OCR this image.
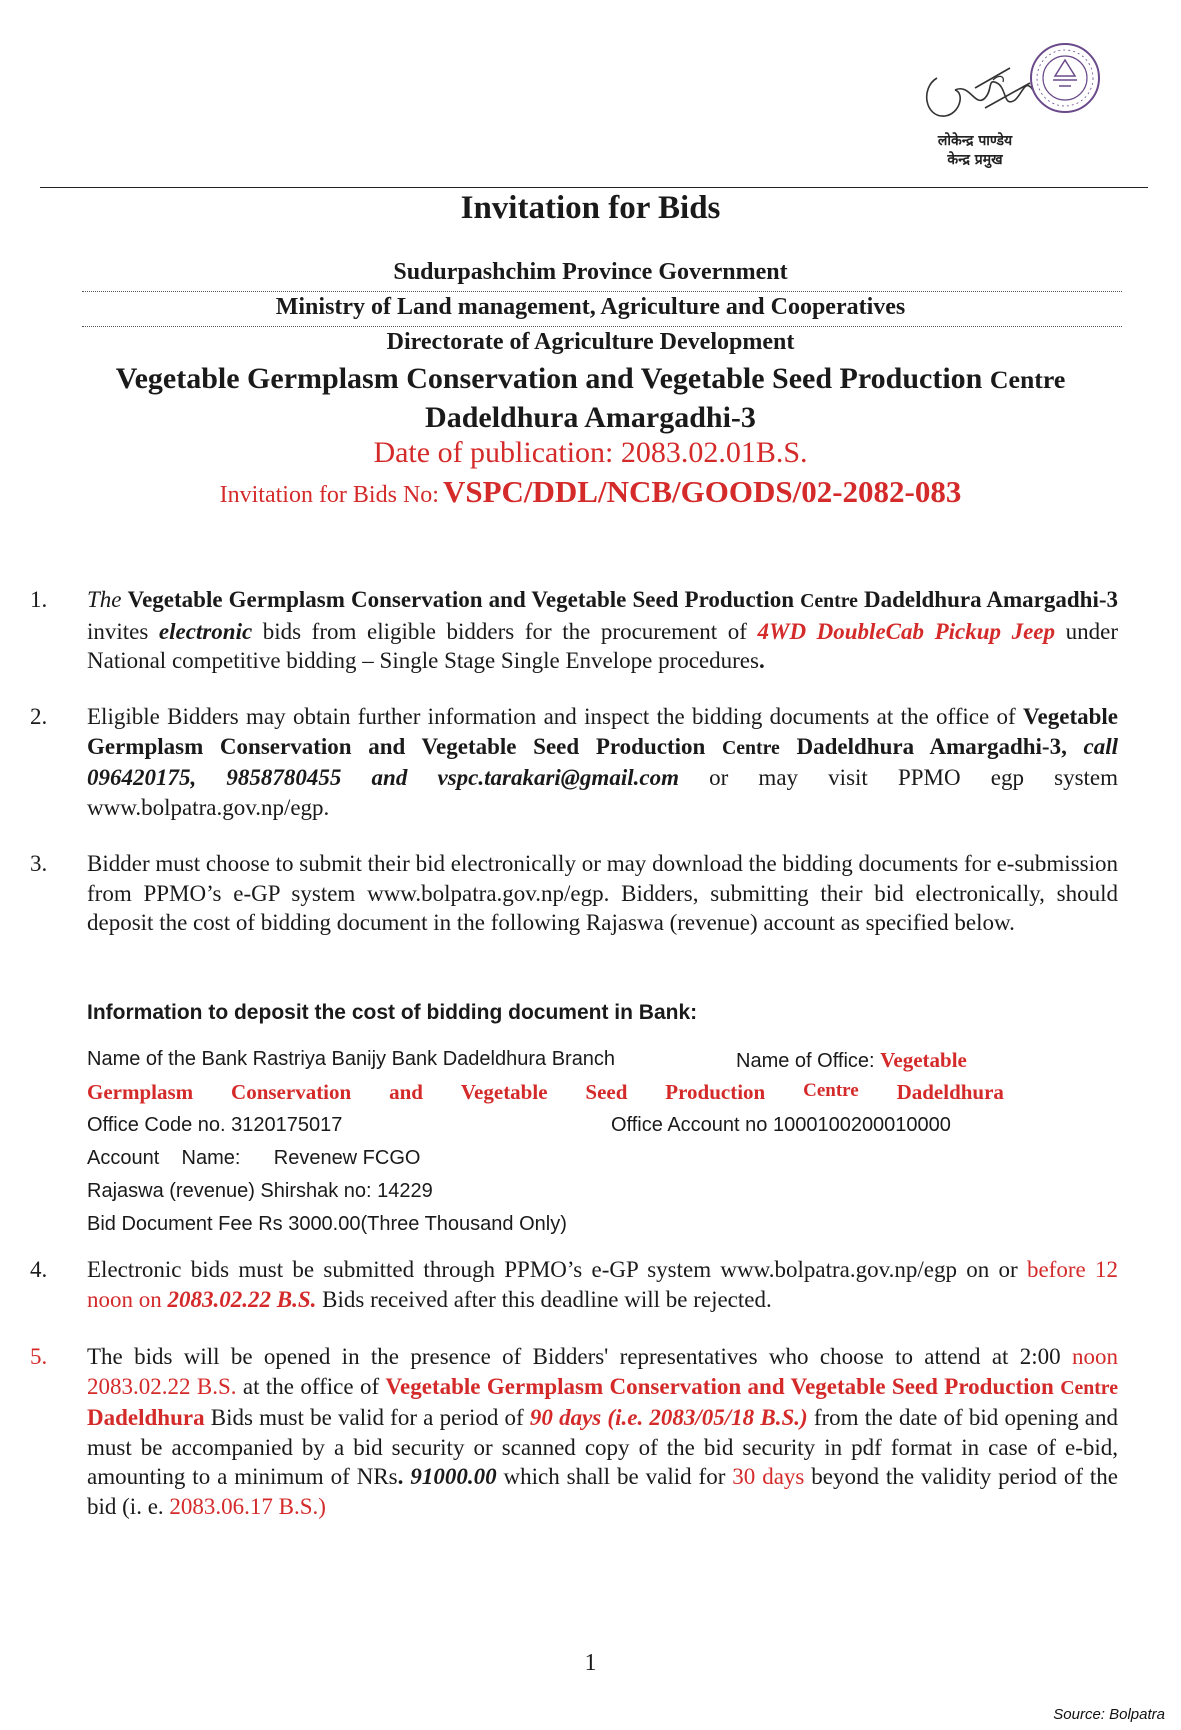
लोकेन्द्र पाण्डेय
केन्द्र प्रमुख
Invitation for Bids
Sudurpashchim Province Government
Ministry of Land management, Agriculture and Cooperatives
Directorate of Agriculture Development
Vegetable Germplasm Conservation and Vegetable Seed Production Centre
Dadeldhura Amargadhi-3
Date of publication: 2083.02.01B.S.
Invitation for Bids No: VSPC/DDL/NCB/GOODS/02-2082-083
1.	The Vegetable Germplasm Conservation and Vegetable Seed Production Centre Dadeldhura Amargadhi-3 invites electronic bids from eligible bidders for the procurement of 4WD DoubleCab Pickup Jeep under National competitive bidding – Single Stage Single Envelope procedures.
2.	Eligible Bidders may obtain further information and inspect the bidding documents at the office of Vegetable Germplasm Conservation and Vegetable Seed Production Centre Dadeldhura Amargadhi-3, call 096420175, 9858780455 and vspc.tarakari@gmail.com or may visit PPMO egp system www.bolpatra.gov.np/egp.
3.	Bidder must choose to submit their bid electronically or may download the bidding documents for e-submission from PPMO’s e-GP system www.bolpatra.gov.np/egp. Bidders, submitting their bid electronically, should deposit the cost of bidding document in the following Rajaswa (revenue) account as specified below.
Information to deposit the cost of bidding document in Bank:
Name of the Bank Rastriya Banijy Bank Dadeldhura Branch	Name of Office: Vegetable
Germplasm Conservation and Vegetable Seed Production Centre Dadeldhura
Office Code no. 3120175017	Office Account no 1000100200010000
Account Name: Revenew FCGO
Rajaswa (revenue) Shirshak no: 14229
Bid Document Fee Rs 3000.00(Three Thousand Only)
4.	Electronic bids must be submitted through PPMO’s e-GP system www.bolpatra.gov.np/egp on or before 12 noon on 2083.02.22 B.S. Bids received after this deadline will be rejected.
5.	The bids will be opened in the presence of Bidders' representatives who choose to attend at 2:00 noon 2083.02.22 B.S. at the office of Vegetable Germplasm Conservation and Vegetable Seed Production Centre Dadeldhura Bids must be valid for a period of 90 days (i.e. 2083/05/18 B.S.) from the date of bid opening and must be accompanied by a bid security or scanned copy of the bid security in pdf format in case of e-bid, amounting to a minimum of NRs. 91000.00 which shall be valid for 30 days beyond the validity period of the bid (i. e. 2083.06.17 B.S.)
1
Source: Bolpatra
